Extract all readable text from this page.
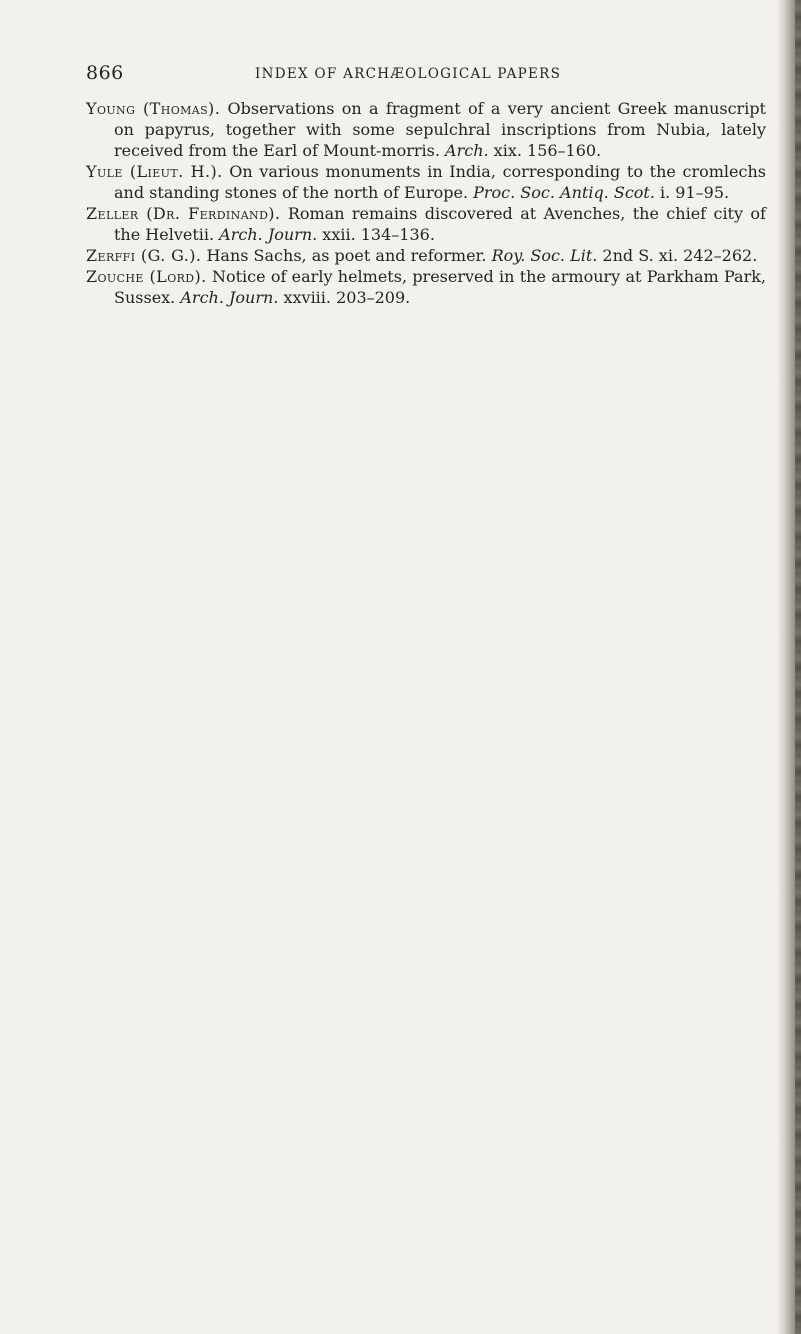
866	INDEX OF ARCHÆOLOGICAL PAPERS

Young (Thomas). Observations on a fragment of a very ancient Greek manuscript on papyrus, together with some sepulchral inscriptions from Nubia, lately received from the Earl of Mount-morris. Arch. xix. 156–160.

Yule (Lieut. H.). On various monuments in India, corresponding to the cromlechs and standing stones of the north of Europe. Proc. Soc. Antiq. Scot. i. 91–95.

Zeller (Dr. Ferdinand). Roman remains discovered at Avenches, the chief city of the Helvetii. Arch. Journ. xxii. 134–136.

Zerffi (G. G.). Hans Sachs, as poet and reformer. Roy. Soc. Lit. 2nd S. xi. 242–262.

Zouche (Lord). Notice of early helmets, preserved in the armoury at Parkham Park, Sussex. Arch. Journ. xxviii. 203–209.
